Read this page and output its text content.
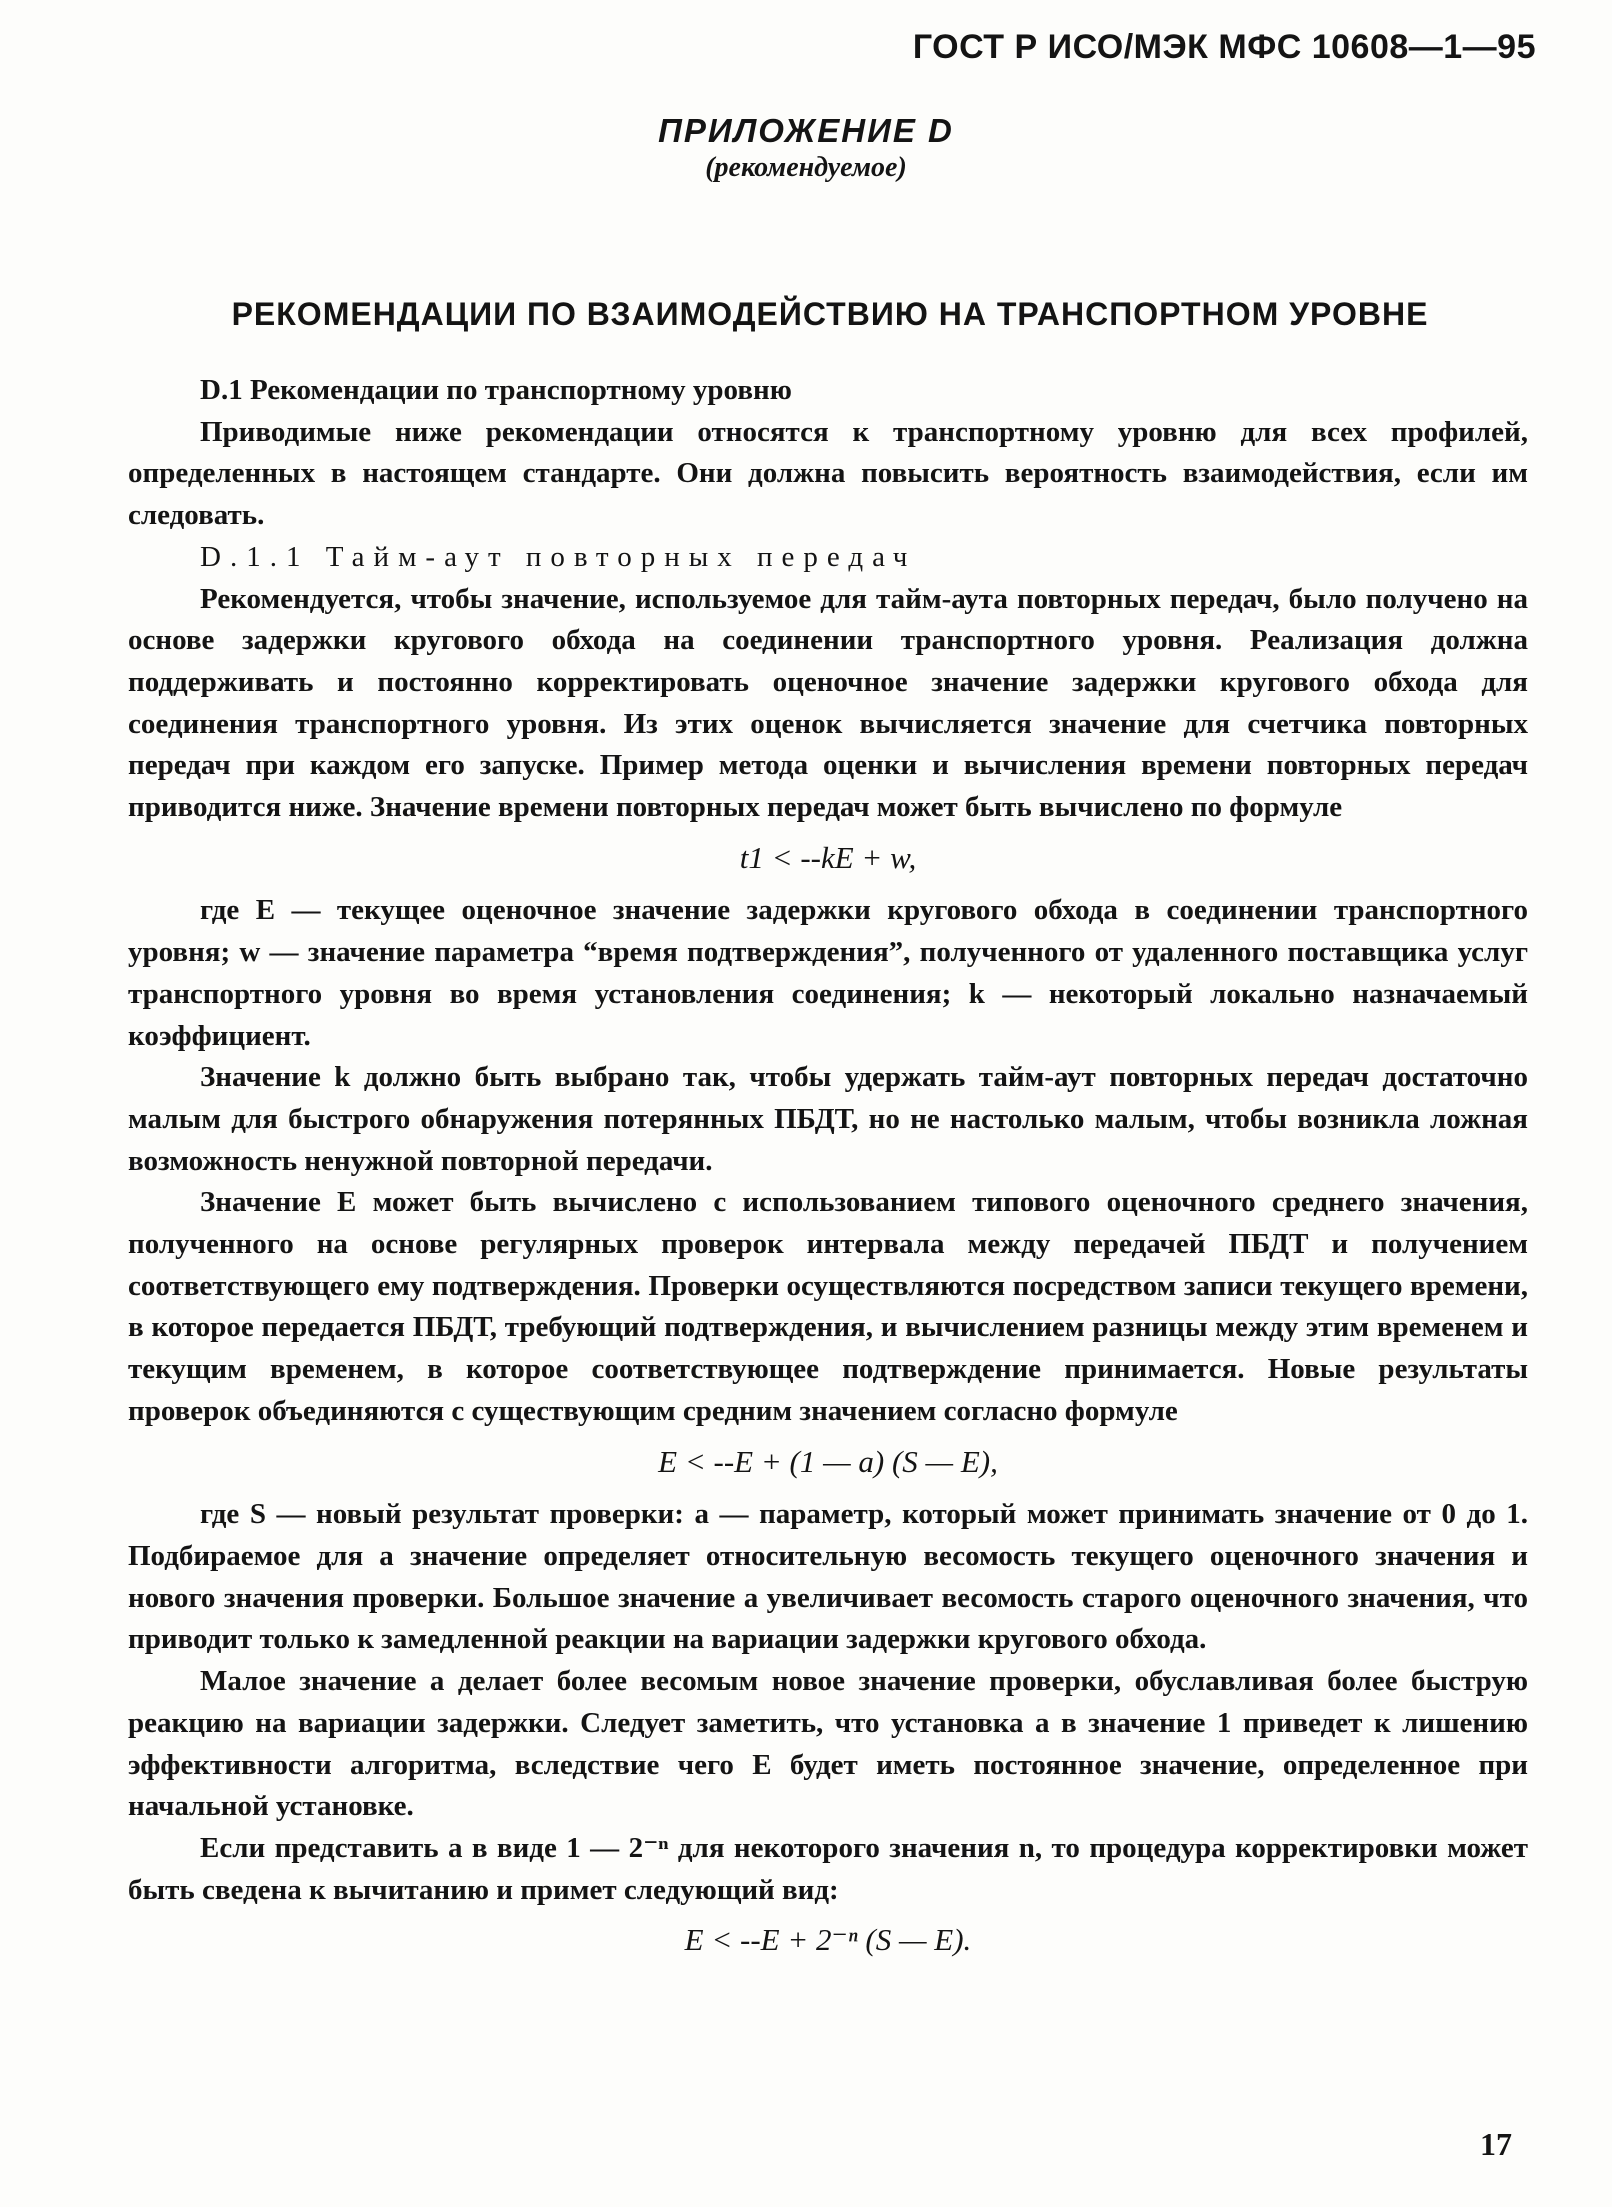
ГОСТ Р ИСО/МЭК МФС 10608—1—95
ПРИЛОЖЕНИЕ D
(рекомендуемое)
РЕКОМЕНДАЦИИ ПО ВЗАИМОДЕЙСТВИЮ НА ТРАНСПОРТНОМ УРОВНЕ

D.1 Рекомендации по транспортному уровню

Приводимые ниже рекомендации относятся к транспортному уровню для всех профилей, определенных в настоящем стандарте. Они должна повысить вероятность взаимодействия, если им следовать.

D.1.1 Тайм-аут повторных передач

Рекомендуется, чтобы значение, используемое для тайм-аута повторных передач, было получено на основе задержки кругового обхода на соединении транспортного уровня. Реализация должна поддерживать и постоянно корректировать оценочное значение задержки кругового обхода для соединения транспортного уровня. Из этих оценок вычисляется значение для счетчика повторных передач при каждом его запуске. Пример метода оценки и вычисления времени повторных передач приводится ниже. Значение времени повторных передач может быть вычислено по формуле

t1 < --kE + w,

где E — текущее оценочное значение задержки кругового обхода в соединении транспортного уровня; w — значение параметра “время подтверждения”, полученного от удаленного поставщика услуг транспортного уровня во время установления соединения; k — некоторый локально назначаемый коэффициент.

Значение k должно быть выбрано так, чтобы удержать тайм-аут повторных передач достаточно малым для быстрого обнаружения потерянных ПБДТ, но не настолько малым, чтобы возникла ложная возможность ненужной повторной передачи.

Значение E может быть вычислено с использованием типового оценочного среднего значения, полученного на основе регулярных проверок интервала между передачей ПБДТ и получением соответствующего ему подтверждения. Проверки осуществляются посредством записи текущего времени, в которое передается ПБДТ, требующий подтверждения, и вычислением разницы между этим временем и текущим временем, в которое соответствующее подтверждение принимается. Новые результаты проверок объединяются с существующим средним значением согласно формуле

E < --E + (1 — a) (S — E),

где S — новый результат проверки: a — параметр, который может принимать значение от 0 до 1. Подбираемое для a значение определяет относительную весомость текущего оценочного значения и нового значения проверки. Большое значение a увеличивает весомость старого оценочного значения, что приводит только к замедленной реакции на вариации задержки кругового обхода.

Малое значение a делает более весомым новое значение проверки, обуславливая более быструю реакцию на вариации задержки. Следует заметить, что установка a в значение 1 приведет к лишению эффективности алгоритма, вследствие чего E будет иметь постоянное значение, определенное при начальной установке.

Если представить a в виде 1 — 2⁻ⁿ для некоторого значения n, то процедура корректировки может быть сведена к вычитанию и примет следующий вид:

E < --E + 2⁻ⁿ (S — E).
17
